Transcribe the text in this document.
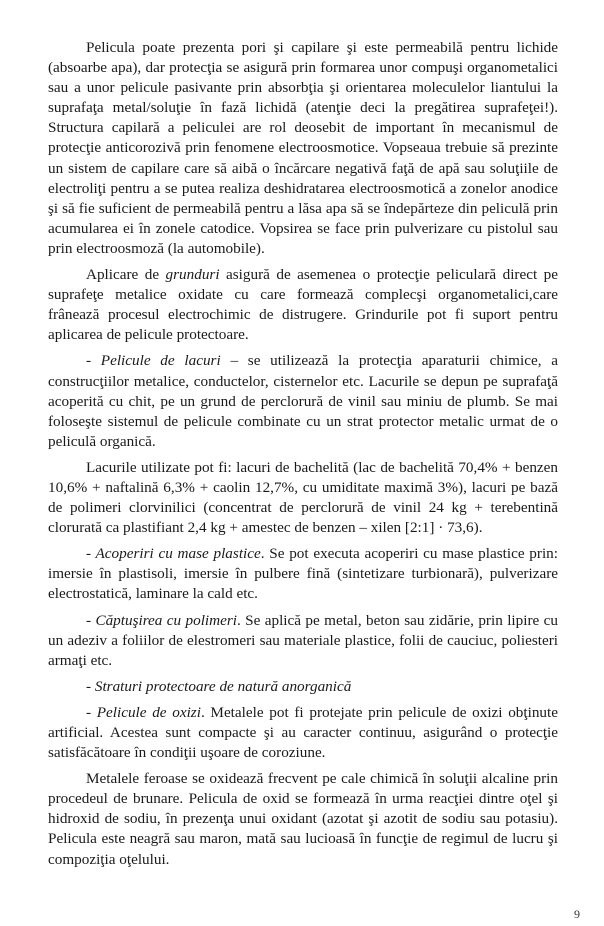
Pelicula poate prezenta pori şi capilare şi este permeabilă pentru lichide (absoarbe apa), dar protecţia se asigură prin formarea unor compuşi organometalici sau a unor pelicule pasivante prin absorbţia şi orientarea moleculelor liantului la suprafaţa metal/soluţie în fază lichidă (atenţie deci la pregătirea suprafeţei!). Structura capilară a peliculei are rol deosebit de important în mecanismul de protecţie anticorozivă prin fenomene electroosmotice. Vopseaua trebuie să prezinte un sistem de capilare care să aibă o încărcare negativă faţă de apă sau soluţiile de electroliţi pentru a se putea realiza deshidratarea electroosmotică a zonelor anodice şi să fie suficient de permeabilă pentru a lăsa apa să se îndepărteze din peliculă prin acumularea ei în zonele catodice. Vopsirea se face prin pulverizare cu pistolul sau prin electroosmoză (la automobile).

Aplicare de grunduri asigură de asemenea o protecţie peliculară direct pe suprafeţe metalice oxidate cu care formează complecşi organometalici,care frânează procesul electrochimic de distrugere. Grindurile pot fi suport pentru aplicarea de pelicule protectoare.

- Pelicule de lacuri – se utilizează la protecţia aparaturii chimice, a construcţiilor metalice, conductelor, cisternelor etc. Lacurile se depun pe suprafaţă acoperită cu chit, pe un grund de perclorură de vinil sau miniu de plumb. Se mai foloseşte sistemul de pelicule combinate cu un strat protector metalic urmat de o peliculă organică.

Lacurile utilizate pot fi: lacuri de bachelită (lac de bachelită 70,4% + benzen 10,6% + naftalină 6,3% + caolin 12,7%, cu umiditate maximă 3%), lacuri pe bază de polimeri clorvinilici (concentrat de perclorură de vinil 24 kg + terebentină clorurată ca plastifiant 2,4 kg + amestec de benzen – xilen [2:1] · 73,6).

- Acoperiri cu mase plastice. Se pot executa acoperiri cu mase plastice prin: imersie în plastisoli, imersie în pulbere fină (sintetizare turbionară), pulverizare electrostatică, laminare la cald etc.

- Căptuşirea cu polimeri. Se aplică pe metal, beton sau zidărie, prin lipire cu un adeziv a foliilor de elestromeri sau materiale plastice, folii de cauciuc, poliesteri armaţi etc.

- Straturi protectoare de natură anorganică

- Pelicule de oxizi. Metalele pot fi protejate prin pelicule de oxizi obţinute artificial. Acestea sunt compacte şi au caracter continuu, asigurând o protecţie satisfăcătoare în condiţii uşoare de coroziune.

Metalele feroase se oxidează frecvent pe cale chimică în soluţii alcaline prin procedeul de brunare. Pelicula de oxid se formează în urma reacţiei dintre oţel şi hidroxid de sodiu, în prezenţa unui oxidant (azotat şi azotit de sodiu sau potasiu). Pelicula este neagră sau maron, mată sau lucioasă în funcţie de regimul de lucru şi compoziţia oţelului.

9
